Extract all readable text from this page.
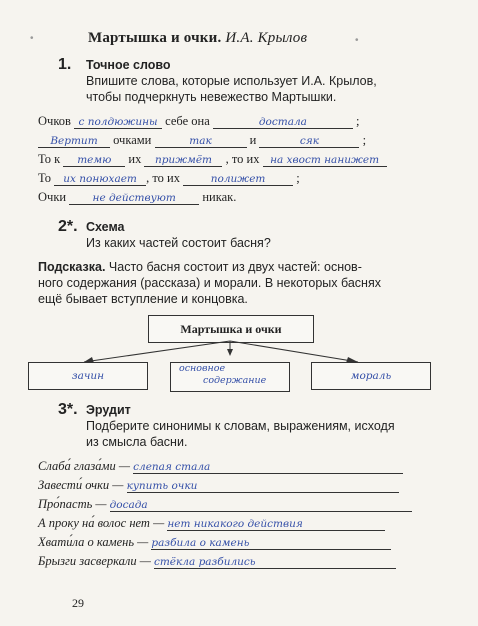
Мартышка и очки. И.А. Крылов
•	•
1. Точное слово
Впишите слова, которые использует И.А. Крылов,
чтобы подчеркнуть невежество Мартышки.
Очков с полдюжины себе она	достала	;
Вертит очками	так	и	сяк	;
То к темю их прижмёт , то их на хвост нанижет
То их понюхает , то их	полижет ;
Очки	не действуют никак.
2*. Схема
Из каких частей состоит басня?
Подсказка. Часто басня состоит из двух частей: основ-
ного содержания (рассказа) и морали. В некоторых баснях
ещё бывает вступление и концовка.
Мартышка и очки
зачин
основное
содержание	мораль
3*. Эрудит
Подберите синонимы к словам, выражениям, исходя
из смысла басни.
Слаба́ глаза́ми — слепая стала
Завести́ очки — купить очки
Про́пасть — досада
А проку на́ волос нет — нет никакого действия
Хвати́ла о камень — разбила о камень
Брызги засверкали — стёкла разбились
29
